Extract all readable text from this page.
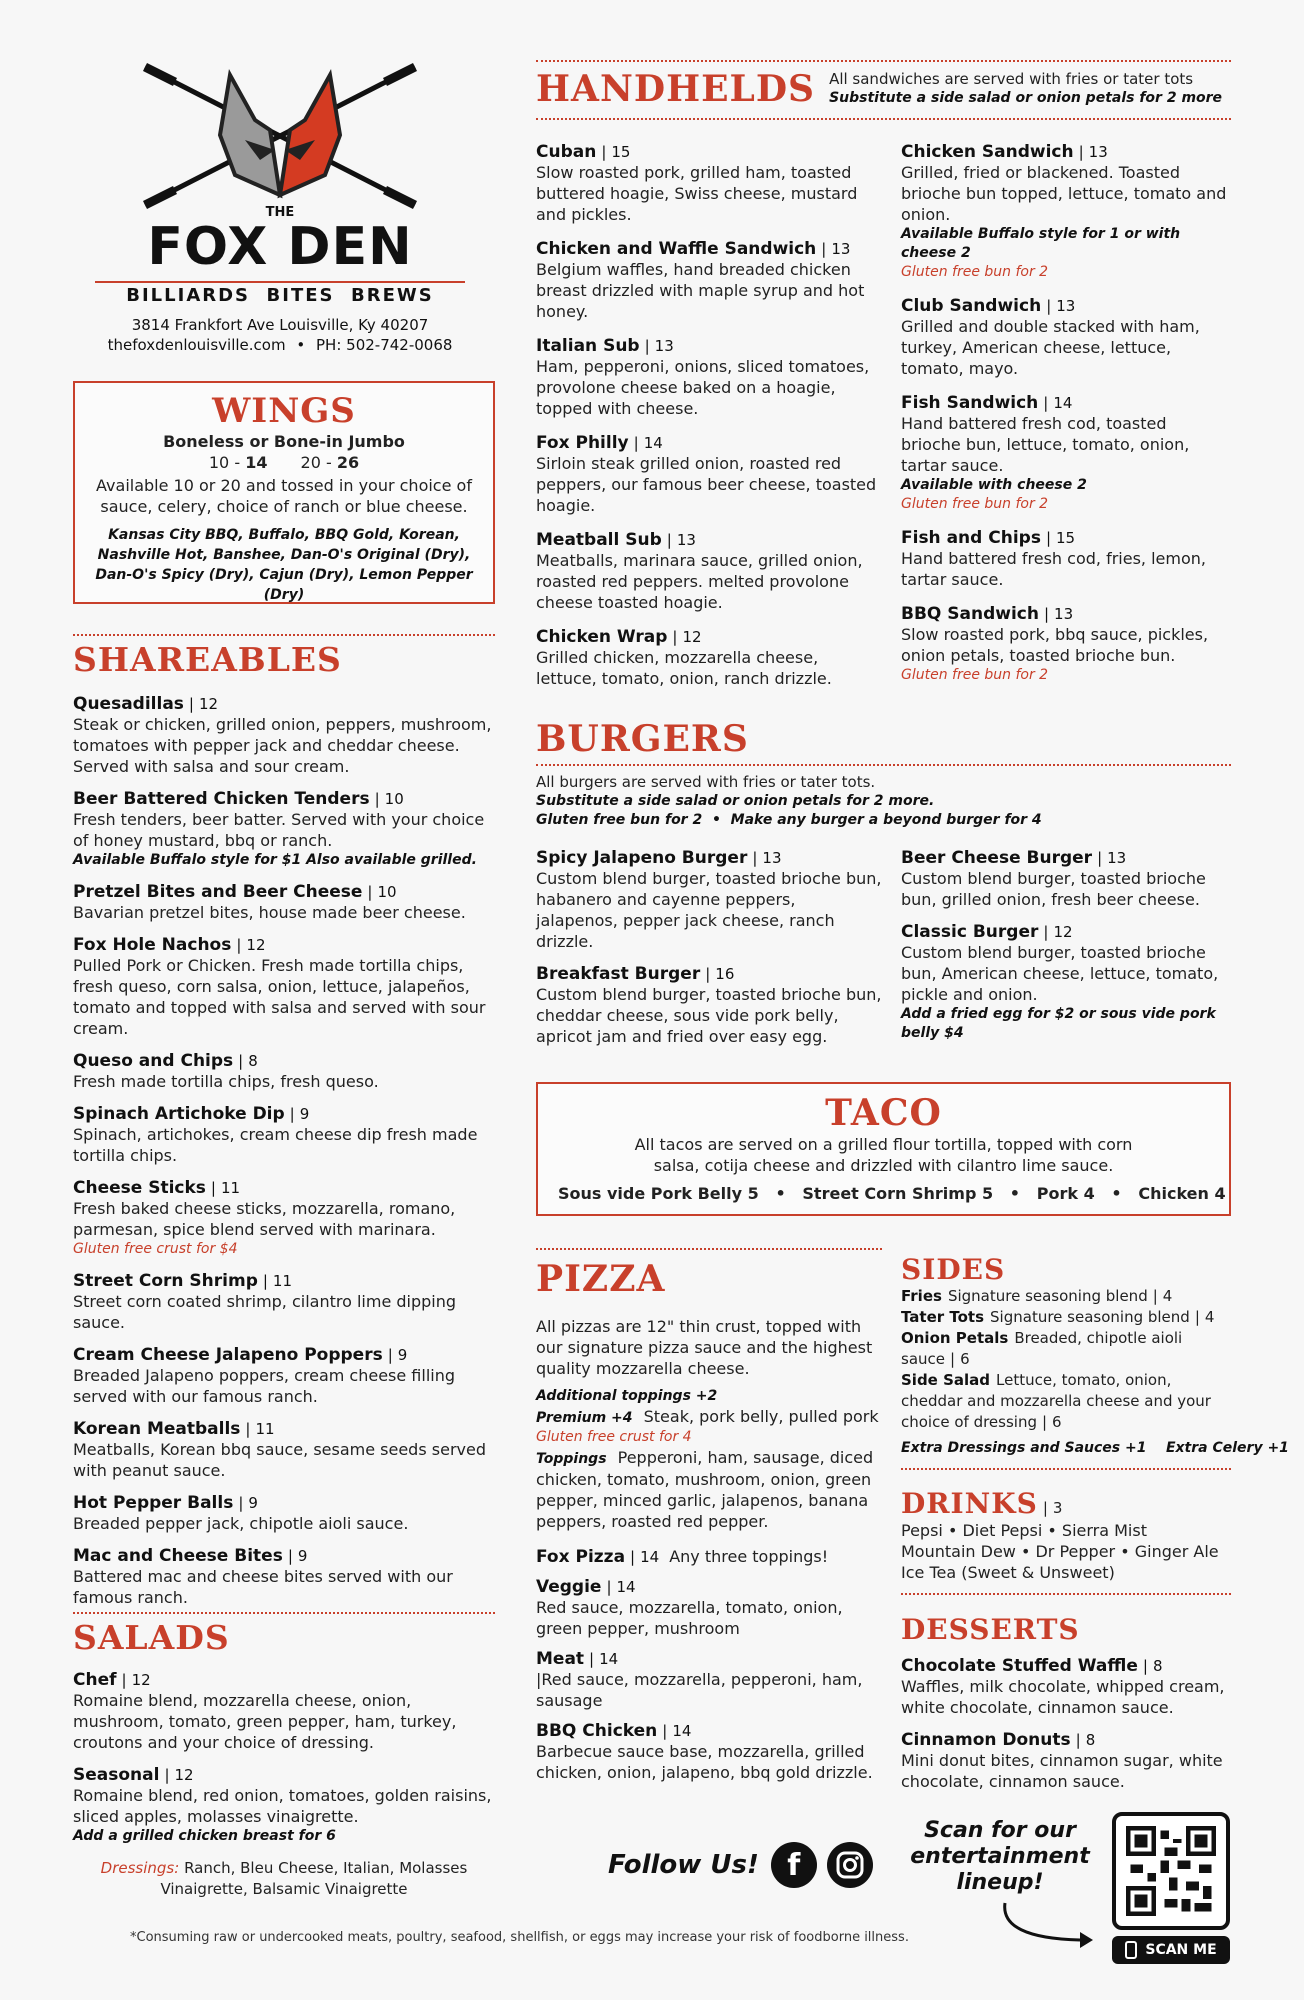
THE
FOX DEN
BILLIARDS  BITES  BREWS
3814 Frankfort Ave Louisville, Ky 40207
thefoxdenlouisville.com • PH: 502-742-0068
WINGS
Boneless or Bone-in Jumbo
10 - 14 20 - 26
Available 10 or 20 and tossed in your choice of sauce, celery, choice of ranch or blue cheese.
Kansas City BBQ, Buffalo, BBQ Gold, Korean, Nashville Hot, Banshee, Dan-O's Original (Dry), Dan-O's Spicy (Dry), Cajun (Dry), Lemon Pepper (Dry)
SHAREABLES
Quesadillas | 12
Steak or chicken, grilled onion, peppers, mushroom, tomatoes with pepper jack and cheddar cheese. Served with salsa and sour cream.
Beer Battered Chicken Tenders | 10
Fresh tenders, beer batter. Served with your choice of honey mustard, bbq or ranch.
Available Buffalo style for $1 Also available grilled.
Pretzel Bites and Beer Cheese | 10
Bavarian pretzel bites, house made beer cheese.
Fox Hole Nachos | 12
Pulled Pork or Chicken. Fresh made tortilla chips, fresh queso, corn salsa, onion, lettuce, jalapeños, tomato and topped with salsa and served with sour cream.
Queso and Chips | 8
Fresh made tortilla chips, fresh queso.
Spinach Artichoke Dip | 9
Spinach, artichokes, cream cheese dip fresh made tortilla chips.
Cheese Sticks | 11
Fresh baked cheese sticks, mozzarella, romano, parmesan, spice blend served with marinara.
Gluten free crust for $4
Street Corn Shrimp | 11
Street corn coated shrimp, cilantro lime dipping sauce.
Cream Cheese Jalapeno Poppers | 9
Breaded Jalapeno poppers, cream cheese filling served with our famous ranch.
Korean Meatballs | 11
Meatballs, Korean bbq sauce, sesame seeds served with peanut sauce.
Hot Pepper Balls | 9
Breaded pepper jack, chipotle aioli sauce.
Mac and Cheese Bites | 9
Battered mac and cheese bites served with our famous ranch.
SALADS
Chef | 12
Romaine blend, mozzarella cheese, onion, mushroom, tomato, green pepper, ham, turkey, croutons and your choice of dressing.
Seasonal | 12
Romaine blend, red onion, tomatoes, golden raisins, sliced apples, molasses vinaigrette.
Add a grilled chicken breast for 6
Dressings: Ranch, Bleu Cheese, Italian, Molasses Vinaigrette, Balsamic Vinaigrette
HANDHELDS All sandwiches are served with fries or tater tots
Substitute a side salad or onion petals for 2 more
Cuban | 15
Slow roasted pork, grilled ham, toasted buttered hoagie, Swiss cheese, mustard and pickles.
Chicken and Waffle Sandwich | 13
Belgium waffles, hand breaded chicken breast drizzled with maple syrup and hot honey.
Italian Sub | 13
Ham, pepperoni, onions, sliced tomatoes, provolone cheese baked on a hoagie, topped with cheese.
Fox Philly | 14
Sirloin steak grilled onion, roasted red peppers, our famous beer cheese, toasted hoagie.
Meatball Sub | 13
Meatballs, marinara sauce, grilled onion, roasted red peppers. melted provolone cheese toasted hoagie.
Chicken Wrap | 12
Grilled chicken, mozzarella cheese, lettuce, tomato, onion, ranch drizzle.
Chicken Sandwich | 13
Grilled, fried or blackened. Toasted brioche bun topped, lettuce, tomato and onion.
Available Buffalo style for 1 or with cheese 2
Gluten free bun for 2
Club Sandwich | 13
Grilled and double stacked with ham, turkey, American cheese, lettuce, tomato, mayo.
Fish Sandwich | 14
Hand battered fresh cod, toasted brioche bun, lettuce, tomato, onion, tartar sauce.
Available with cheese 2
Gluten free bun for 2
Fish and Chips | 15
Hand battered fresh cod, fries, lemon, tartar sauce.
BBQ Sandwich | 13
Slow roasted pork, bbq sauce, pickles, onion petals, toasted brioche bun.
Gluten free bun for 2
BURGERS
All burgers are served with fries or tater tots.
Substitute a side salad or onion petals for 2 more.
Gluten free bun for 2  •  Make any burger a beyond burger for 4
Spicy Jalapeno Burger | 13
Custom blend burger, toasted brioche bun, habanero and cayenne peppers, jalapenos, pepper jack cheese, ranch drizzle.
Breakfast Burger | 16
Custom blend burger, toasted brioche bun, cheddar cheese, sous vide pork belly, apricot jam and fried over easy egg.
Beer Cheese Burger | 13
Custom blend burger, toasted brioche bun, grilled onion, fresh beer cheese.
Classic Burger | 12
Custom blend burger, toasted brioche bun, American cheese, lettuce, tomato, pickle and onion.
Add a fried egg for $2 or sous vide pork belly $4
TACO
All tacos are served on a grilled flour tortilla, topped with corn salsa, cotija cheese and drizzled with cilantro lime sauce.
Sous vide Pork Belly 5   •   Street Corn Shrimp 5   •   Pork 4   •   Chicken 4
PIZZA
All pizzas are 12" thin crust, topped with our signature pizza sauce and the highest quality mozzarella cheese.
Additional toppings +2
Premium +4 Steak, pork belly, pulled pork
Gluten free crust for 4
Toppings Pepperoni, ham, sausage, diced chicken, tomato, mushroom, onion, green pepper, minced garlic, jalapenos, banana peppers, roasted red pepper.
Fox Pizza | 14 Any three toppings!
Veggie | 14
Red sauce, mozzarella, tomato, onion, green pepper, mushroom
Meat | 14
|Red sauce, mozzarella, pepperoni, ham, sausage
BBQ Chicken | 14
Barbecue sauce base, mozzarella, grilled chicken, onion, jalapeno, bbq gold drizzle.
SIDES
Fries Signature seasoning blend | 4
Tater Tots Signature seasoning blend | 4
Onion Petals Breaded, chipotle aioli sauce | 6
Side Salad Lettuce, tomato, onion, cheddar and mozzarella cheese and your choice of dressing | 6
Extra Dressings and Sauces +1    Extra Celery +1
DRINKS | 3
Pepsi • Diet Pepsi • Sierra Mist
Mountain Dew • Dr Pepper • Ginger Ale
Ice Tea (Sweet & Unsweet)
DESSERTS
Chocolate Stuffed Waffle | 8
Waffles, milk chocolate, whipped cream, white chocolate, cinnamon sauce.
Cinnamon Donuts | 8
Mini donut bites, cinnamon sugar, white chocolate, cinnamon sauce.
Follow Us! f
Scan for our entertainment lineup!
SCAN ME
*Consuming raw or undercooked meats, poultry, seafood, shellfish, or eggs may increase your risk of foodborne illness.
